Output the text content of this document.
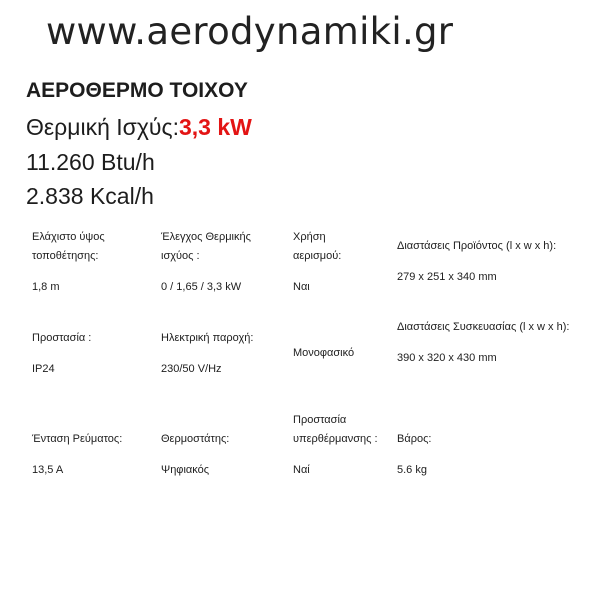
www.aerodynamiki.gr
ΑΕΡΟΘΕΡΜΟ ΤΟΙΧΟΥ
Θερμική Ισχύς:3,3 kW
11.260 Btu/h
2.838 Kcal/h
Ελάχιστο ύψος τοποθέτησης:
1,8 m
Έλεγχος Θερμικής ισχύος :
0 / 1,65 / 3,3 kW
Χρήση αερισμού:
Ναι
Διαστάσεις Προϊόντος (l x w x h):
279 x 251 x 340 mm
Προστασία :
IP24
Ηλεκτρική παροχή:
230/50 V/Hz
Μονοφασικό
Διαστάσεις Συσκευασίας (l x w x h):
390 x 320 x 430 mm
Ένταση Ρεύματος:
13,5 A
Θερμοστάτης:
Ψηφιακός
Προστασία υπερθέρμανσης :
Ναί
Βάρος:
5.6 kg
